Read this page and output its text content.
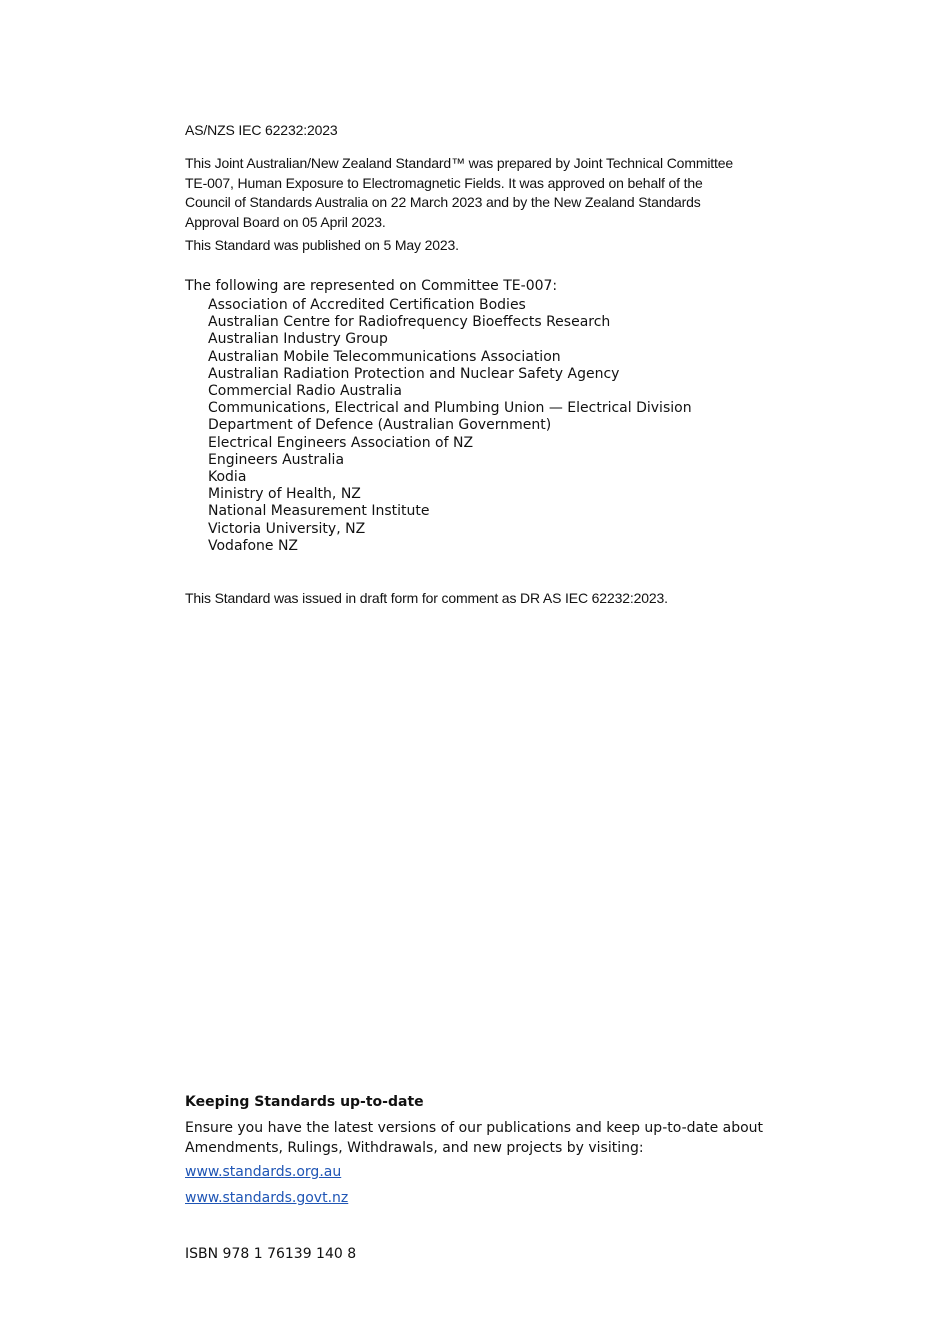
AS/NZS IEC 62232:2023
This Joint Australian/New Zealand Standard™ was prepared by Joint Technical Committee
TE-007, Human Exposure to Electromagnetic Fields. It was approved on behalf of the
Council of Standards Australia on 22 March 2023 and by the New Zealand Standards
Approval Board on 05 April 2023.
This Standard was published on 5 May 2023.
The following are represented on Committee TE-007:
Association of Accredited Certification Bodies
Australian Centre for Radiofrequency Bioeffects Research
Australian Industry Group
Australian Mobile Telecommunications Association
Australian Radiation Protection and Nuclear Safety Agency
Commercial Radio Australia
Communications, Electrical and Plumbing Union — Electrical Division
Department of Defence (Australian Government)
Electrical Engineers Association of NZ
Engineers Australia
Kodia
Ministry of Health, NZ
National Measurement Institute
Victoria University, NZ
Vodafone NZ
This Standard was issued in draft form for comment as DR AS IEC 62232:2023.
Keeping Standards up-to-date
Ensure you have the latest versions of our publications and keep up-to-date about
Amendments, Rulings, Withdrawals, and new projects by visiting:
www.standards.org.au
www.standards.govt.nz
ISBN 978 1 76139 140 8
